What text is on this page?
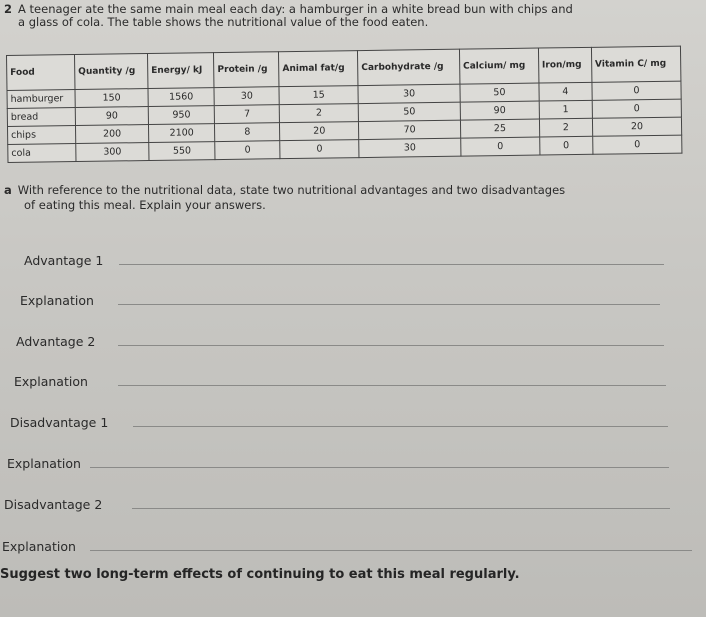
2 A teenager ate the same main meal each day: a hamburger in a white bread bun with chips and
a glass of cola. The table shows the nutritional value of the food eaten.
Food	Quantity /g	Energy/ kJ	Protein /g	Animal fat/g	Carbohydrate /g	Calcium/ mg	Iron/mg	Vitamin C/ mg
hamburger	150	1560	30	15	30	50	4	0
bread	90	950	7	2	50	90	1	0
chips	200	2100	8	20	70	25	2	20
cola	300	550	0	0	30	0	0	0
a With reference to the nutritional data, state two nutritional advantages and two disadvantages
of eating this meal. Explain your answers.
Advantage 1
Explanation
Advantage 2
Explanation
Disadvantage 1
Explanation
Disadvantage 2
Explanation
Suggest two long-term effects of continuing to eat this meal regularly.
